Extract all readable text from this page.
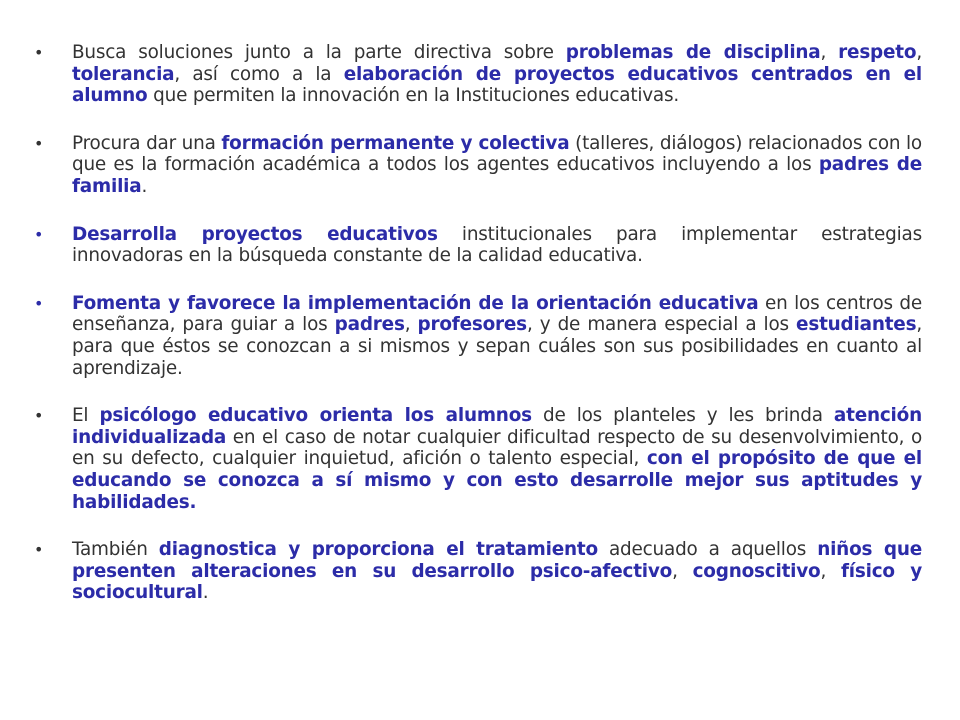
• Busca soluciones junto a la parte directiva sobre problemas de disciplina, respeto, tolerancia, así como a la elaboración de proyectos educativos centrados en el alumno que permiten la innovación en la Instituciones educativas.

• Procura dar una formación permanente y colectiva (talleres, diálogos) relacionados con lo que es la formación académica a todos los agentes educativos incluyendo a los padres de familia.

• Desarrolla proyectos educativos institucionales para implementar estrategias innovadoras en la búsqueda constante de la calidad educativa.

• Fomenta y favorece la implementación de la orientación educativa en los centros de enseñanza, para guiar a los padres, profesores, y de manera especial a los estudiantes, para que éstos se conozcan a si mismos y sepan cuáles son sus posibilidades en cuanto al aprendizaje.

• El psicólogo educativo orienta los alumnos de los planteles y les brinda atención individualizada en el caso de notar cualquier dificultad respecto de su desenvolvimiento, o en su defecto, cualquier inquietud, afición o talento especial, con el propósito de que el educando se conozca a sí mismo y con esto desarrolle mejor sus aptitudes y habilidades.

• También diagnostica y proporciona el tratamiento adecuado a aquellos niños que presenten alteraciones en su desarrollo psico-afectivo, cognoscitivo, físico y sociocultural.
